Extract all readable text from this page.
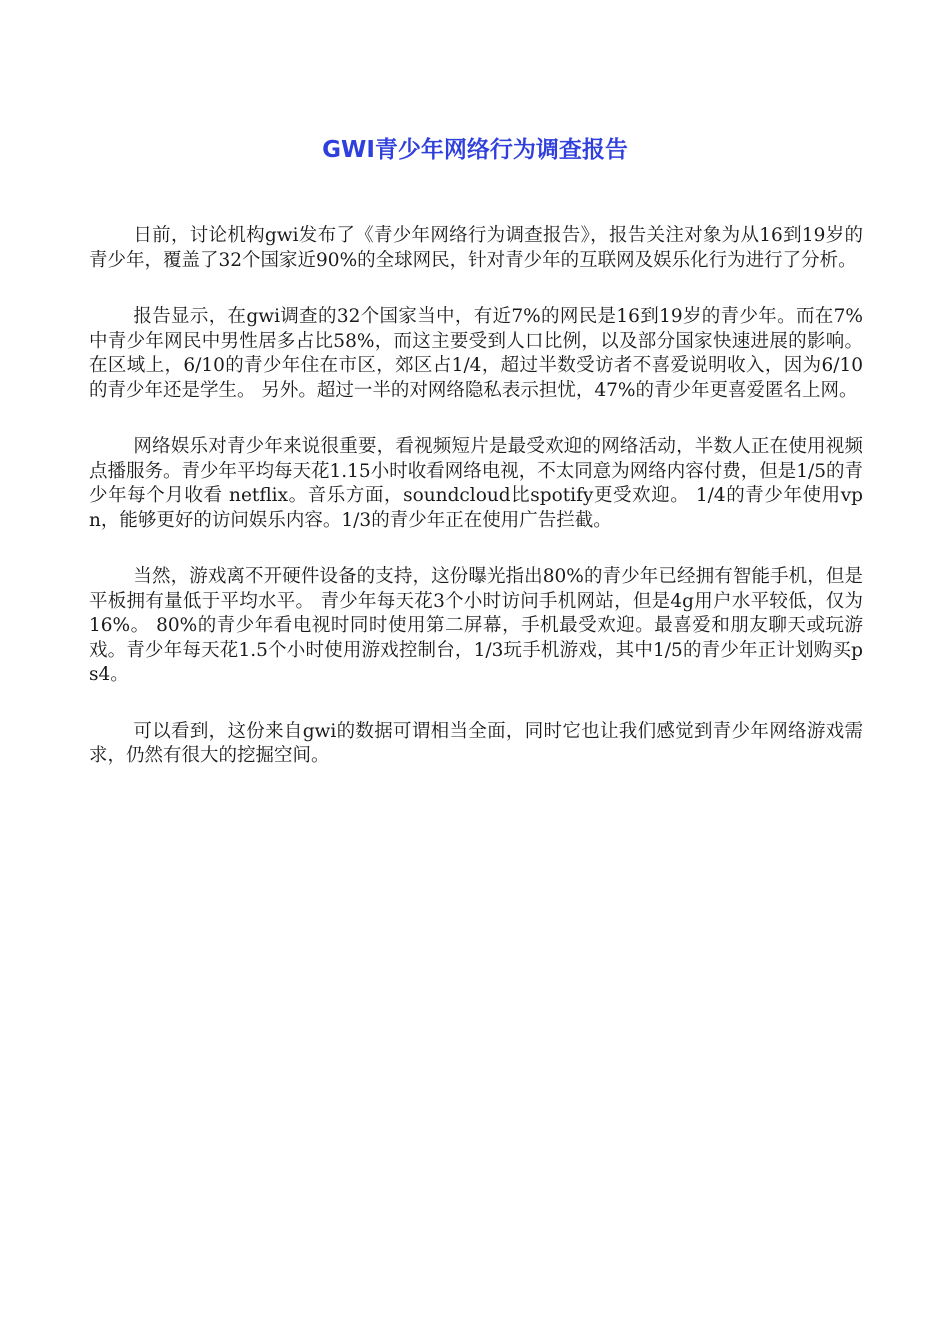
GWI青少年网络行为调查报告

日前，讨论机构gwi发布了《青少年网络行为调查报告》，报告关注对象为从16到19岁的青少年，覆盖了32个国家近90%的全球网民，针对青少年的互联网及娱乐化行为进行了分析。

报告显示，在gwi调查的32个国家当中，有近7%的网民是16到19岁的青少年。而在7%中青少年网民中男性居多占比58%，而这主要受到人口比例，以及部分国家快速进展的影响。在区域上，6/10的青少年住在市区，郊区占1/4，超过半数受访者不喜爱说明收入，因为6/10的青少年还是学生。 另外。超过一半的对网络隐私表示担忧，47%的青少年更喜爱匿名上网。

网络娱乐对青少年来说很重要，看视频短片是最受欢迎的网络活动，半数人正在使用视频点播服务。青少年平均每天花1.15小时收看网络电视，不太同意为网络内容付费，但是1/5的青少年每个月收看 netflix。音乐方面，soundcloud比spotify更受欢迎。 1/4的青少年使用vpn，能够更好的访问娱乐内容。1/3的青少年正在使用广告拦截。

当然，游戏离不开硬件设备的支持，这份曝光指出80%的青少年已经拥有智能手机，但是平板拥有量低于平均水平。 青少年每天花3个小时访问手机网站，但是4g用户水平较低，仅为16%。 80%的青少年看电视时同时使用第二屏幕，手机最受欢迎。最喜爱和朋友聊天或玩游戏。青少年每天花1.5个小时使用游戏控制台，1/3玩手机游戏，其中1/5的青少年正计划购买ps4。

可以看到，这份来自gwi的数据可谓相当全面，同时它也让我们感觉到青少年网络游戏需求，仍然有很大的挖掘空间。
